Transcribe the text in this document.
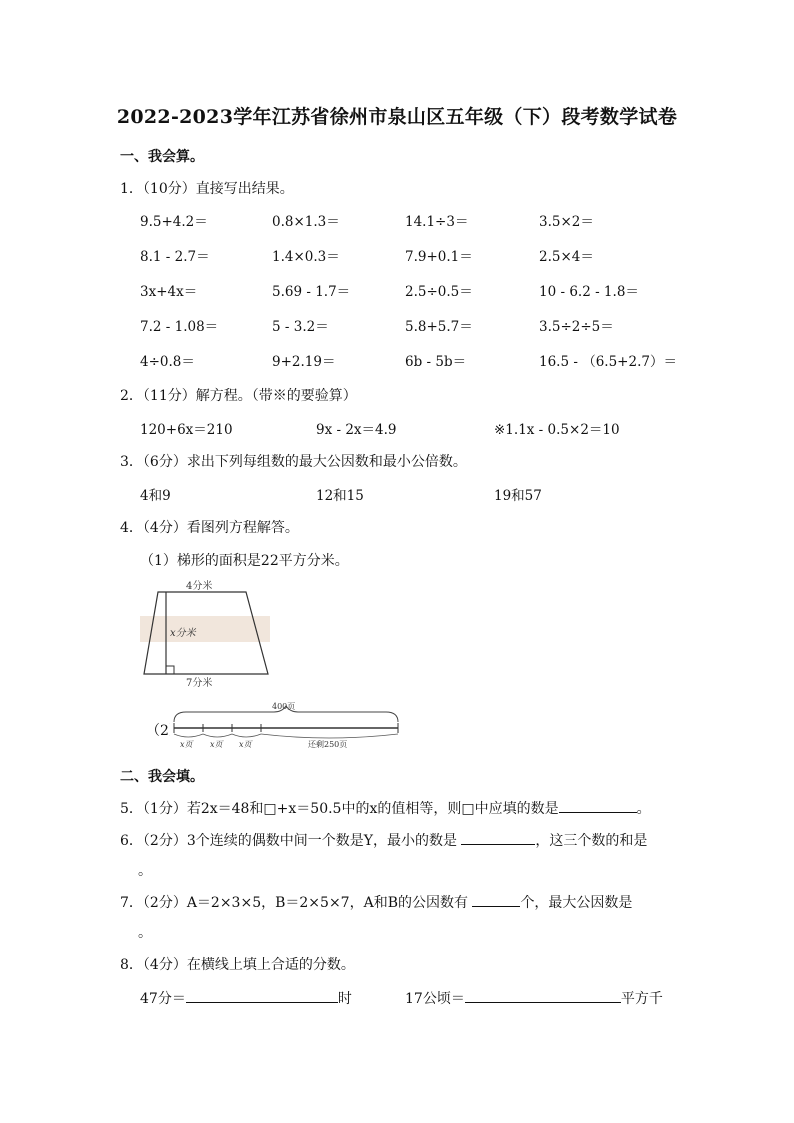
2022-2023学年江苏省徐州市泉山区五年级（下）段考数学试卷
一、我会算。
1．（10分）直接写出结果。
9.5+4.2＝	0.8×1.3＝	14.1÷3＝	3.5×2＝
8.1 - 2.7＝	1.4×0.3＝	7.9+0.1＝	2.5×4＝
3x+4x＝	5.69 - 1.7＝	2.5÷0.5＝	10 - 6.2 - 1.8＝
7.2 - 1.08＝	5 - 3.2＝	5.8+5.7＝	3.5÷2÷5＝
4÷0.8＝	9+2.19＝	6b - 5b＝	16.5 - （6.5+2.7）＝
2．（11分）解方程。（带※的要验算）
120+6x＝210	9x - 2x＝4.9	※1.1x - 0.5×2＝10
3．（6分）求出下列每组数的最大公因数和最小公倍数。
4和9	12和15	19和57
4．（4分）看图列方程解答。
（1）梯形的面积是22平方分米。
4分米
x分米
7分米
（2）
400页
x页 x页 x页	还剩250页
二、我会填。
5．（1分）若2x＝48和□+x＝50.5中的x的值相等，则□中应填的数是	。
6．（2分）3个连续的偶数中间一个数是Y，最小的数是	，这三个数的和是
。
7．（2分）A＝2×3×5，B＝2×5×7，A和B的公因数有	个，最大公因数是
。
8．（4分）在横线上填上合适的分数。
47分＝	时	17公顷＝	平方千
